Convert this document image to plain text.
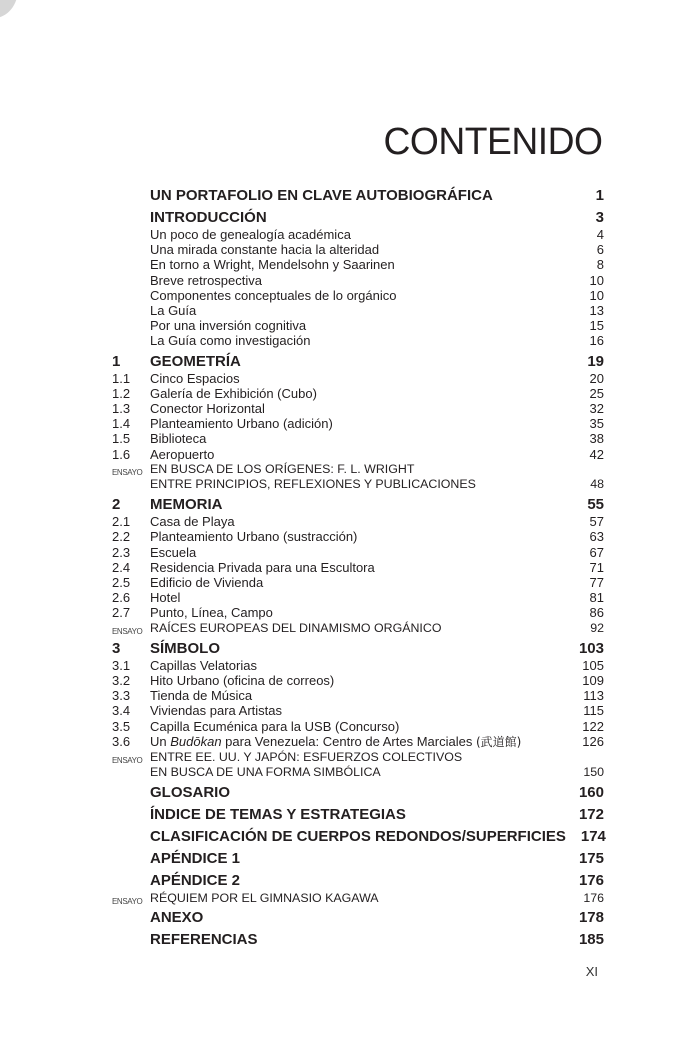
CONTENIDO
UN PORTAFOLIO EN CLAVE AUTOBIOGRÁFICA	1
INTRODUCCIÓN	3
Un poco de genealogía académica	4
Una mirada constante hacia la alteridad	6
En torno a Wright, Mendelsohn y Saarinen	8
Breve retrospectiva	10
Componentes conceptuales de lo orgánico	10
La Guía	13
Por una inversión cognitiva	15
La Guía como investigación	16
1	GEOMETRÍA	19
1.1	Cinco Espacios	20
1.2	Galería de Exhibición (Cubo)	25
1.3	Conector Horizontal	32
1.4	Planteamiento Urbano (adición)	35
1.5	Biblioteca	38
1.6	Aeropuerto	42
ENSAYO EN BUSCA DE LOS ORÍGENES: F. L. WRIGHT
ENTRE PRINCIPIOS, REFLEXIONES Y PUBLICACIONES	48
2	MEMORIA	55
2.1	Casa de Playa	57
2.2	Planteamiento Urbano (sustracción)	63
2.3	Escuela	67
2.4	Residencia Privada para una Escultora	71
2.5	Edificio de Vivienda	77
2.6	Hotel	81
2.7	Punto, Línea, Campo	86
ENSAYO RAÍCES EUROPEAS DEL DINAMISMO ORGÁNICO	92
3	SÍMBOLO	103
3.1	Capillas Velatorias	105
3.2	Hito Urbano (oficina de correos)	109
3.3	Tienda de Música	113
3.4	Viviendas para Artistas	115
3.5	Capilla Ecuménica para la USB (Concurso)	122
3.6	Un Budōkan para Venezuela: Centro de Artes Marciales (武道館)	126
ENSAYO ENTRE EE. UU. Y JAPÓN: ESFUERZOS COLECTIVOS
EN BUSCA DE UNA FORMA SIMBÓLICA	150
GLOSARIO	160
ÍNDICE DE TEMAS Y ESTRATEGIAS	172
CLASIFICACIÓN DE CUERPOS REDONDOS/SUPERFICIES 174
APÉNDICE 1	175
APÉNDICE 2	176
ENSAYO RÉQUIEM POR EL GIMNASIO KAGAWA	176
ANEXO	178
REFERENCIAS	185
XI
